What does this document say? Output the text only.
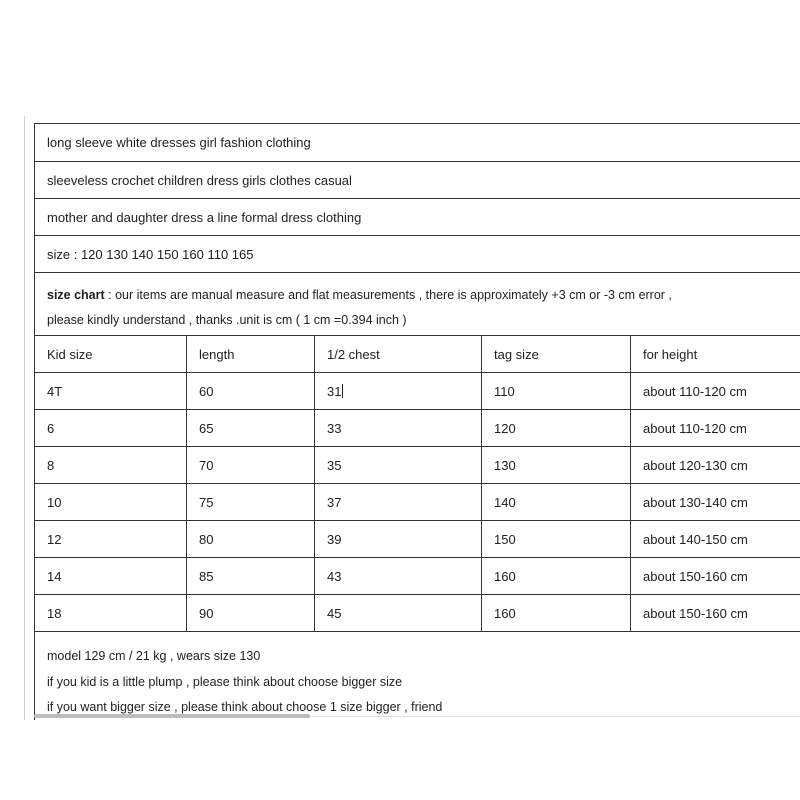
long sleeve white dresses girl fashion clothing
sleeveless crochet children dress girls clothes casual
mother and daughter dress a line formal dress clothing
size : 120 130 140 150 160 110 165
size chart : our items are manual measure and flat measurements , there is approximately +3 cm or -3 cm error ,
please kindly understand , thanks .unit is cm ( 1 cm =0.394 inch )
Kid size	length	1/2 chest	tag size	for height
4T	60	31	110	about 110-120 cm
6	65	33	120	about 110-120 cm
8	70	35	130	about 120-130 cm
10	75	37	140	about 130-140 cm
12	80	39	150	about 140-150 cm
14	85	43	160	about 150-160 cm
18	90	45	160	about 150-160 cm
model 129 cm / 21 kg , wears size 130
if you kid is a little plump , please think about choose bigger size
if you want bigger size , please think about choose 1 size bigger , friend
